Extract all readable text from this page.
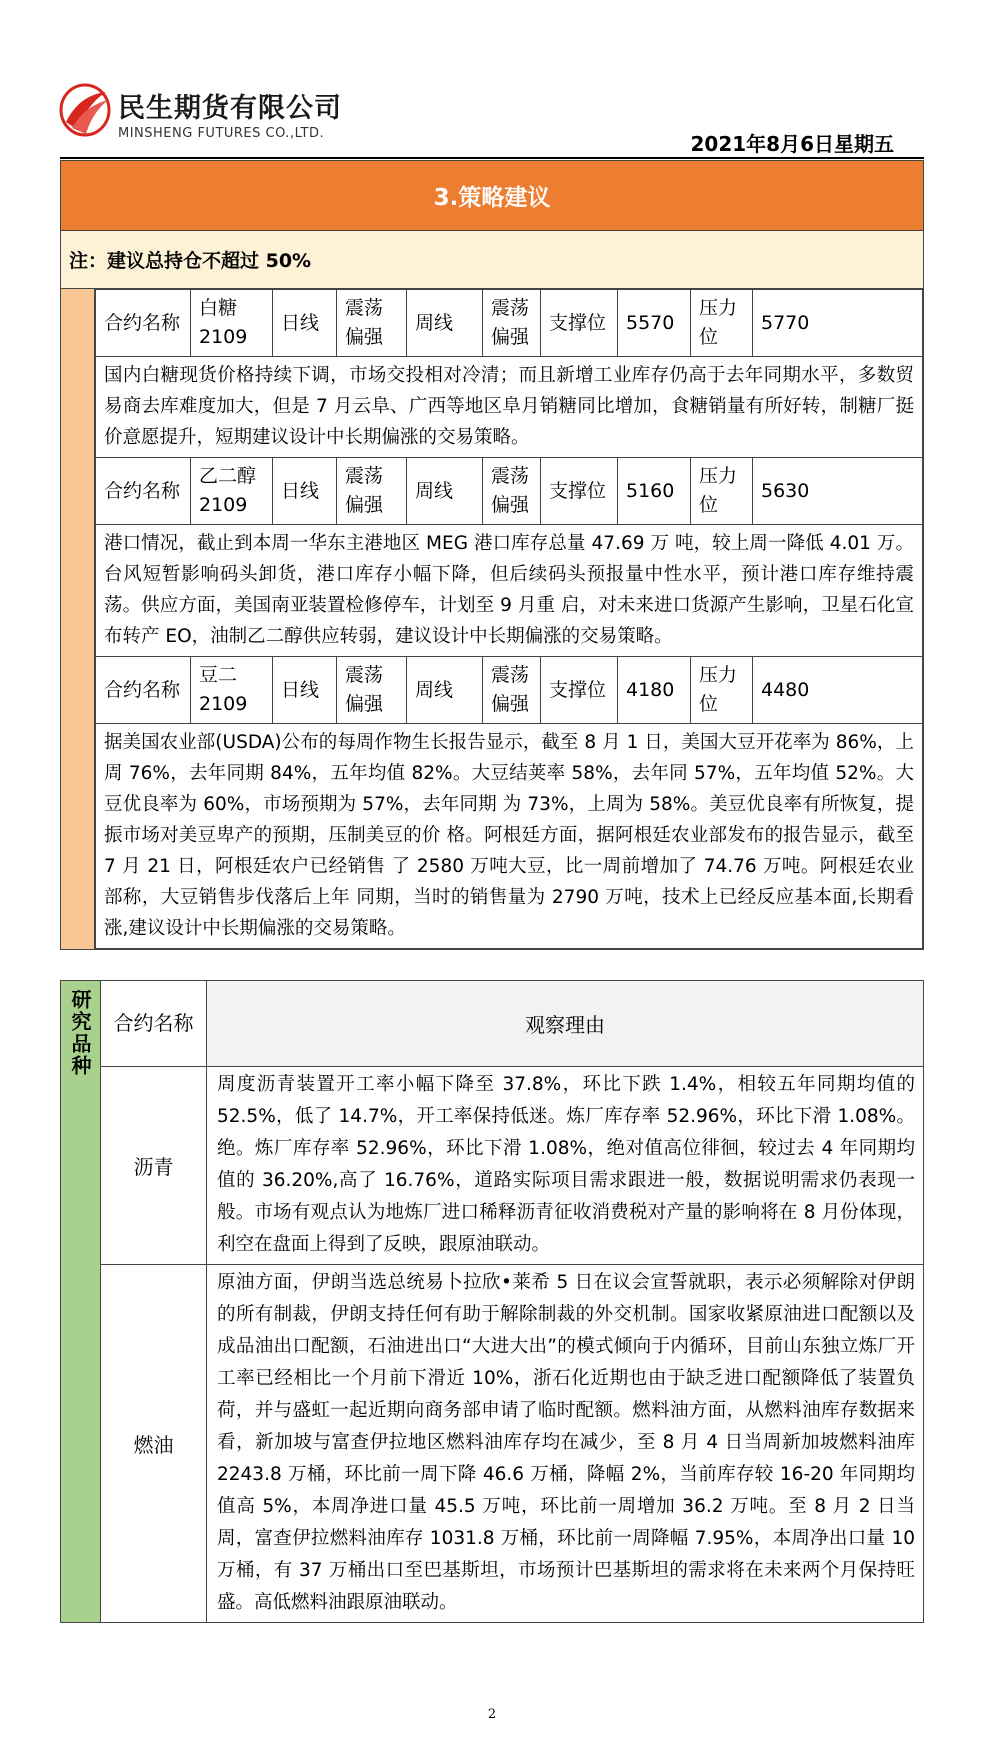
民生期货有限公司
MINSHENG FUTURES CO.,LTD.	2021年8月6日星期五
3.策略建议
注：建议总持仓不超过 50%

合约名称	白糖2109	日线	震荡偏强	周线	震荡偏强	支撑位	5570	压力位	5770
国内白糖现货价格持续下调，市场交投相对冷清；而且新增工业库存仍高于去年同期水平，多数贸易商去库难度加大，但是 7 月云阜、广西等地区阜月销糖同比增加，食糖销量有所好转，制糖厂挺价意愿提升，短期建议设计中长期偏涨的交易策略。
合约名称	乙二醇2109	日线	震荡偏强	周线	震荡偏强	支撑位	5160	压力位	5630
港口情况，截止到本周一华东主港地区 MEG 港口库存总量 47.69 万 吨，较上周一降低 4.01 万。台风短暂影响码头卸货，港口库存小幅下降，但后续码头预报量中性水平，预计港口库存维持震荡。供应方面，美国南亚装置检修停车，计划至 9 月重 启，对未来进口货源产生影响，卫星石化宣布转产 EO，油制乙二醇供应转弱，建议设计中长期偏涨的交易策略。
合约名称	豆二2109	日线	震荡偏强	周线	震荡偏强	支撑位	4180	压力位	4480
据美国农业部(USDA)公布的每周作物生长报告显示，截至 8 月 1 日，美国大豆开花率为 86%，上周 76%，去年同期 84%，五年均值 82%。大豆结荚率 58%，去年同 57%，五年均值 52%。大豆优良率为 60%，市场预期为 57%，去年同期 为 73%，上周为 58%。美豆优良率有所恢复，提振市场对美豆卑产的预期，压制美豆的价 格。阿根廷方面，据阿根廷农业部发布的报告显示，截至 7 月 21 日，阿根廷农户已经销售 了 2580 万吨大豆，比一周前增加了 74.76 万吨。阿根廷农业部称，大豆销售步伐落后上年 同期，当时的销售量为 2790 万吨，技术上已经反应基本面,长期看涨,建议设计中长期偏涨的交易策略。
研究品种	合约名称	观察理由
	沥青	周度沥青装置开工率小幅下降至 37.8%，环比下跌 1.4%，相较五年同期均值的 52.5%，低了 14.7%，开工率保持低迷。炼厂库存率 52.96%，环比下滑 1.08%。绝。炼厂库存率 52.96%，环比下滑 1.08%，绝对值高位徘徊，较过去 4 年同期均值的 36.20%,高了 16.76%，道路实际项目需求跟进一般，数据说明需求仍表现一般。市场有观点认为地炼厂进口稀释沥青征收消费税对产量的影响将在 8 月份体现，利空在盘面上得到了反映，跟原油联动。
	燃油	原油方面，伊朗当选总统易卜拉欣•莱希 5 日在议会宣誓就职，表示必须解除对伊朗的所有制裁，伊朗支持任何有助于解除制裁的外交机制。国家收紧原油进口配额以及成品油出口配额，石油进出口“大进大出”的模式倾向于内循环，目前山东独立炼厂开工率已经相比一个月前下滑近 10%，浙石化近期也由于缺乏进口配额降低了装置负荷，并与盛虹一起近期向商务部申请了临时配额。燃料油方面，从燃料油库存数据来看，新加坡与富查伊拉地区燃料油库存均在减少，至 8 月 4 日当周新加坡燃料油库 2243.8 万桶，环比前一周下降 46.6 万桶，降幅 2%，当前库存较 16-20 年同期均值高 5%，本周净进口量 45.5 万吨，环比前一周增加 36.2 万吨。至 8 月 2 日当周，富查伊拉燃料油库存 1031.8 万桶，环比前一周降幅 7.95%，本周净出口量 10 万桶，有 37 万桶出口至巴基斯坦，市场预计巴基斯坦的需求将在未来两个月保持旺盛。高低燃料油跟原油联动。
2
